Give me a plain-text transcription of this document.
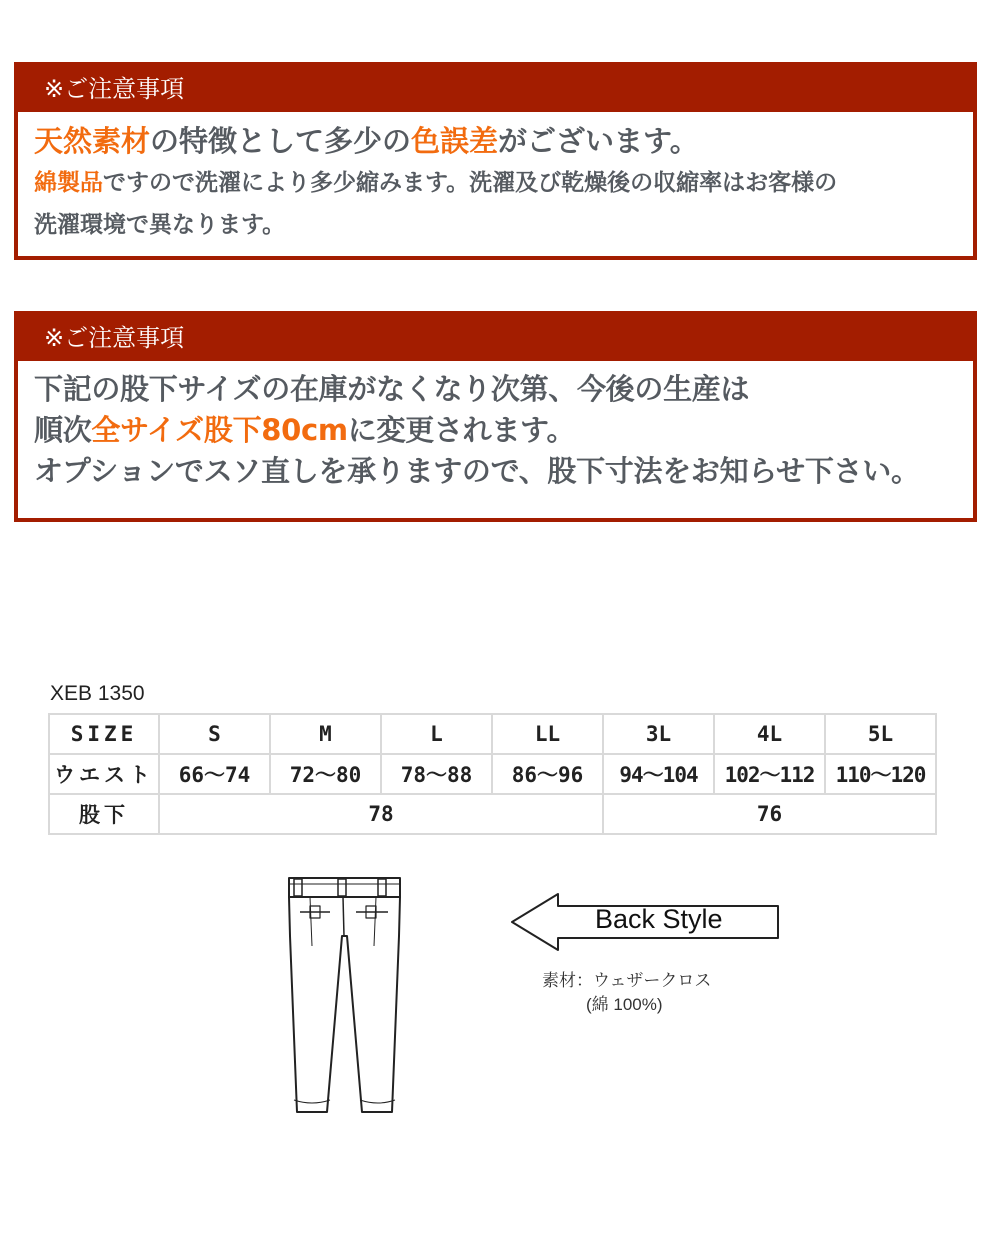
※ご注意事項
天然素材の特徴として多少の色誤差がございます。
綿製品ですので洗濯により多少縮みます。洗濯及び乾燥後の収縮率はお客様の
洗濯環境で異なります。
※ご注意事項
下記の股下サイズの在庫がなくなり次第、今後の生産は
順次全サイズ股下80cmに変更されます。
オプションでスソ直しを承りますので、股下寸法をお知らせ下さい。
XEB 1350
SIZE	S	M	L	LL	3L	4L	5L
ウエスト	66～74	72～80	78～88	86～96	94～104	102～112	110～120
股下	78				76		
Back Style
素材：ウェザークロス
(綿 100%)
